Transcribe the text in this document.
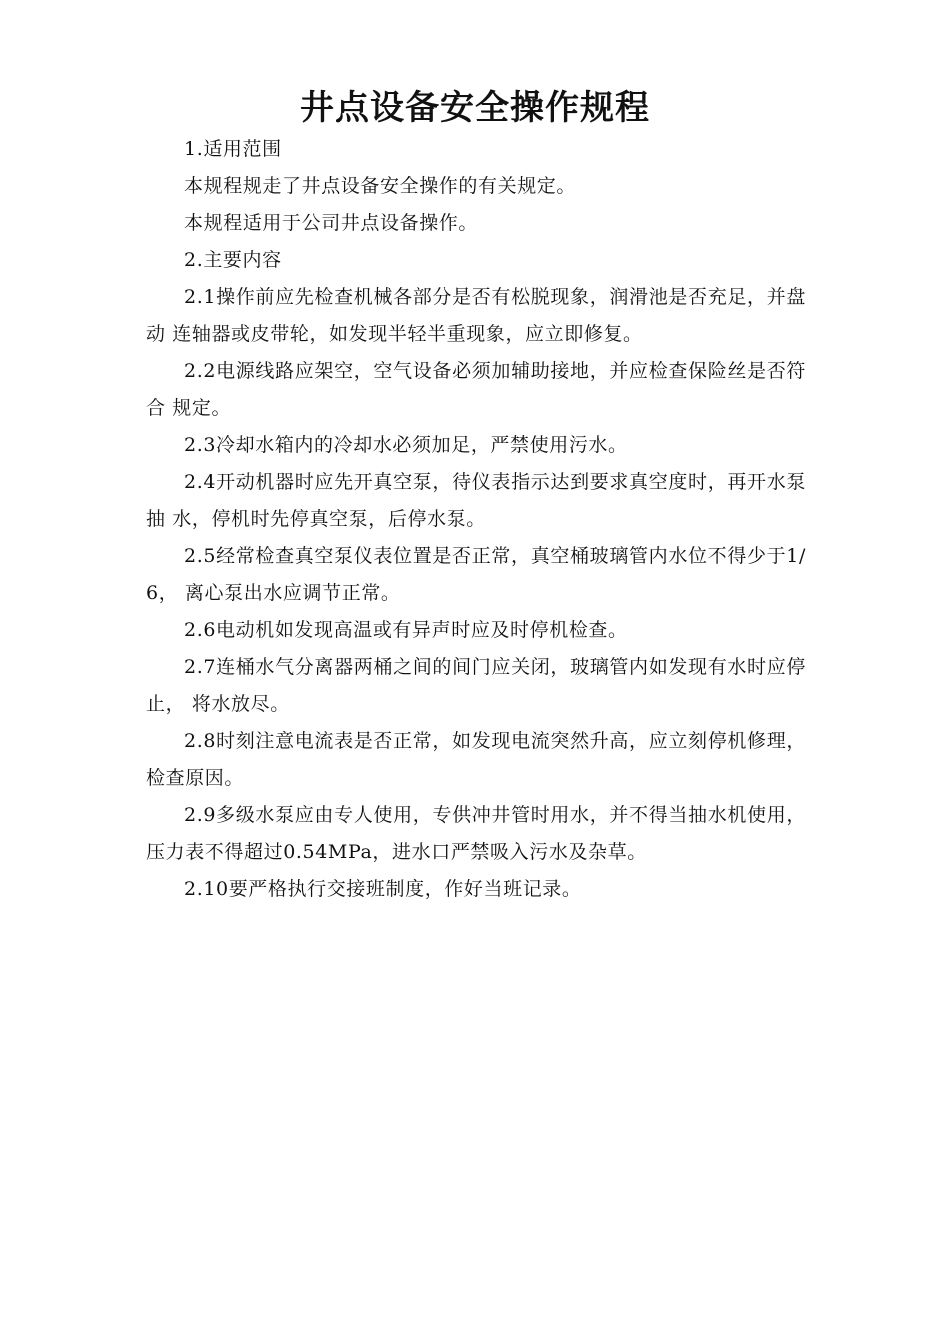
井点设备安全操作规程

1.适用范围

本规程规走了井点设备安全操作的有关规定。

本规程适用于公司井点设备操作。

2.主要内容

2.1操作前应先检查机械各部分是否有松脱现象，润滑池是否充足，并盘动 连轴器或皮带轮，如发现半轻半重现象，应立即修复。

2.2电源线路应架空，空气设备必须加辅助接地，并应检查保险丝是否符合 规定。

2.3冷却水箱内的冷却水必须加足，严禁使用污水。

2.4开动机器时应先开真空泵，待仪表指示达到要求真空度时，再开水泵抽 水，停机时先停真空泵，后停水泵。

2.5经常检查真空泵仪表位置是否正常，真空桶玻璃管内水位不得少于1/6， 离心泵出水应调节正常。

2.6电动机如发现高温或有异声时应及时停机检查。

2.7连桶水气分离器两桶之间的间门应关闭，玻璃管内如发现有水时应停止， 将水放尽。

2.8时刻注意电流表是否正常，如发现电流突然升高，应立刻停机修理，检查原因。

2.9多级水泵应由专人使用，专供冲井管时用水，并不得当抽水机使用，压力表不得超过0.54MPa，进水口严禁吸入污水及杂草。

2.10要严格执行交接班制度，作好当班记录。
